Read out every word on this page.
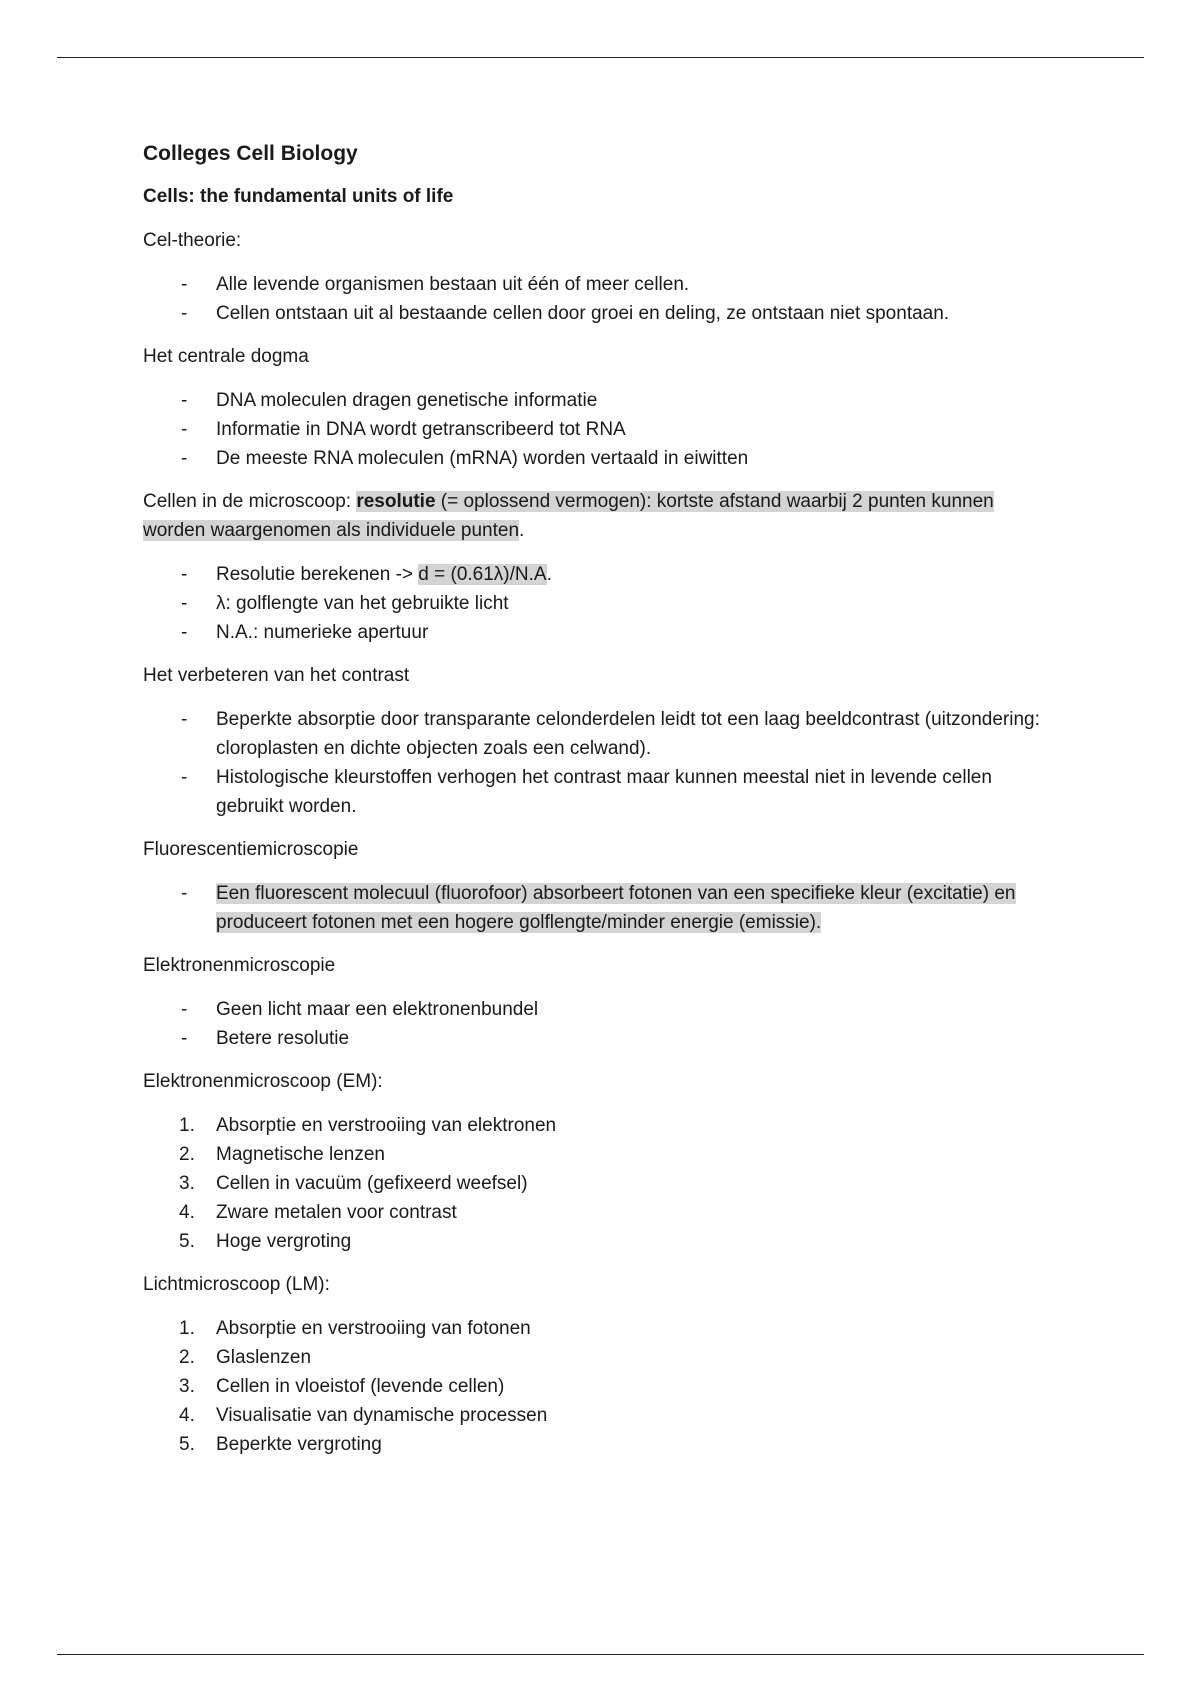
Colleges Cell Biology

Cells: the fundamental units of life

Cel-theorie:

- Alle levende organismen bestaan uit één of meer cellen.
- Cellen ontstaan uit al bestaande cellen door groei en deling, ze ontstaan niet spontaan.

Het centrale dogma

- DNA moleculen dragen genetische informatie
- Informatie in DNA wordt getranscribeerd tot RNA
- De meeste RNA moleculen (mRNA) worden vertaald in eiwitten

Cellen in de microscoop: resolutie (= oplossend vermogen): kortste afstand waarbij 2 punten kunnen worden waargenomen als individuele punten.

- Resolutie berekenen -> d = (0.61λ)/N.A.
- λ: golflengte van het gebruikte licht
- N.A.: numerieke apertuur

Het verbeteren van het contrast

- Beperkte absorptie door transparante celonderdelen leidt tot een laag beeldcontrast (uitzondering: cloroplasten en dichte objecten zoals een celwand).
- Histologische kleurstoffen verhogen het contrast maar kunnen meestal niet in levende cellen gebruikt worden.

Fluorescentiemicroscopie

- Een fluorescent molecuul (fluorofoor) absorbeert fotonen van een specifieke kleur (excitatie) en produceert fotonen met een hogere golflengte/minder energie (emissie).

Elektronenmicroscopie

- Geen licht maar een elektronenbundel
- Betere resolutie

Elektronenmicroscoop (EM):

1. Absorptie en verstrooiing van elektronen
2. Magnetische lenzen
3. Cellen in vacuüm (gefixeerd weefsel)
4. Zware metalen voor contrast
5. Hoge vergroting

Lichtmicroscoop (LM):

1. Absorptie en verstrooiing van fotonen
2. Glaslenzen
3. Cellen in vloeistof (levende cellen)
4. Visualisatie van dynamische processen
5. Beperkte vergroting
